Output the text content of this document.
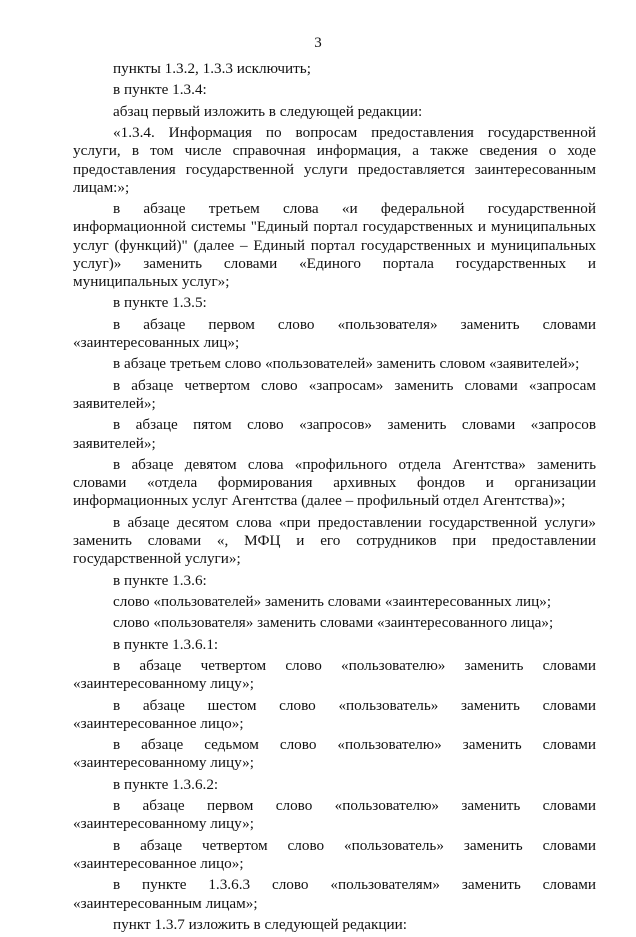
3

пункты 1.3.2, 1.3.3 исключить;

в пункте 1.3.4:

абзац первый изложить в следующей редакции:

«1.3.4. Информация по вопросам предоставления государственной услуги, в том числе справочная информация, а также сведения о ходе предоставления государственной услуги предоставляется заинтересованным лицам:»;

в абзаце третьем слова «и федеральной государственной информационной системы "Единый портал государственных и муниципальных услуг (функций)" (далее – Единый портал государственных и муниципальных услуг)» заменить словами «Единого портала государственных и муниципальных услуг»;

в пункте 1.3.5:

в абзаце первом слово «пользователя» заменить словами «заинтересованных лиц»;

в абзаце третьем слово «пользователей» заменить словом «заявителей»;

в абзаце четвертом слово «запросам» заменить словами «запросам заявителей»;

в абзаце пятом слово «запросов» заменить словами «запросов заявителей»;

в абзаце девятом слова «профильного отдела Агентства» заменить словами «отдела формирования архивных фондов и организации информационных услуг Агентства (далее – профильный отдел Агентства)»;

в абзаце десятом слова «при предоставлении государственной услуги» заменить словами «, МФЦ и его сотрудников при предоставлении государственной услуги»;

в пункте 1.3.6:

слово «пользователей» заменить словами «заинтересованных лиц»;

слово «пользователя» заменить словами «заинтересованного лица»;

в пункте 1.3.6.1:

в абзаце четвертом слово «пользователю» заменить словами «заинтересованному лицу»;

в абзаце шестом слово «пользователь» заменить словами «заинтересованное лицо»;

в абзаце седьмом слово «пользователю» заменить словами «заинтересованному лицу»;

в пункте 1.3.6.2:

в абзаце первом слово «пользователю» заменить словами «заинтересованному лицу»;

в абзаце четвертом слово «пользователь» заменить словами «заинтересованное лицо»;

в пункте 1.3.6.3 слово «пользователям» заменить словами «заинтересованным лицам»;

пункт 1.3.7 изложить в следующей редакции:
